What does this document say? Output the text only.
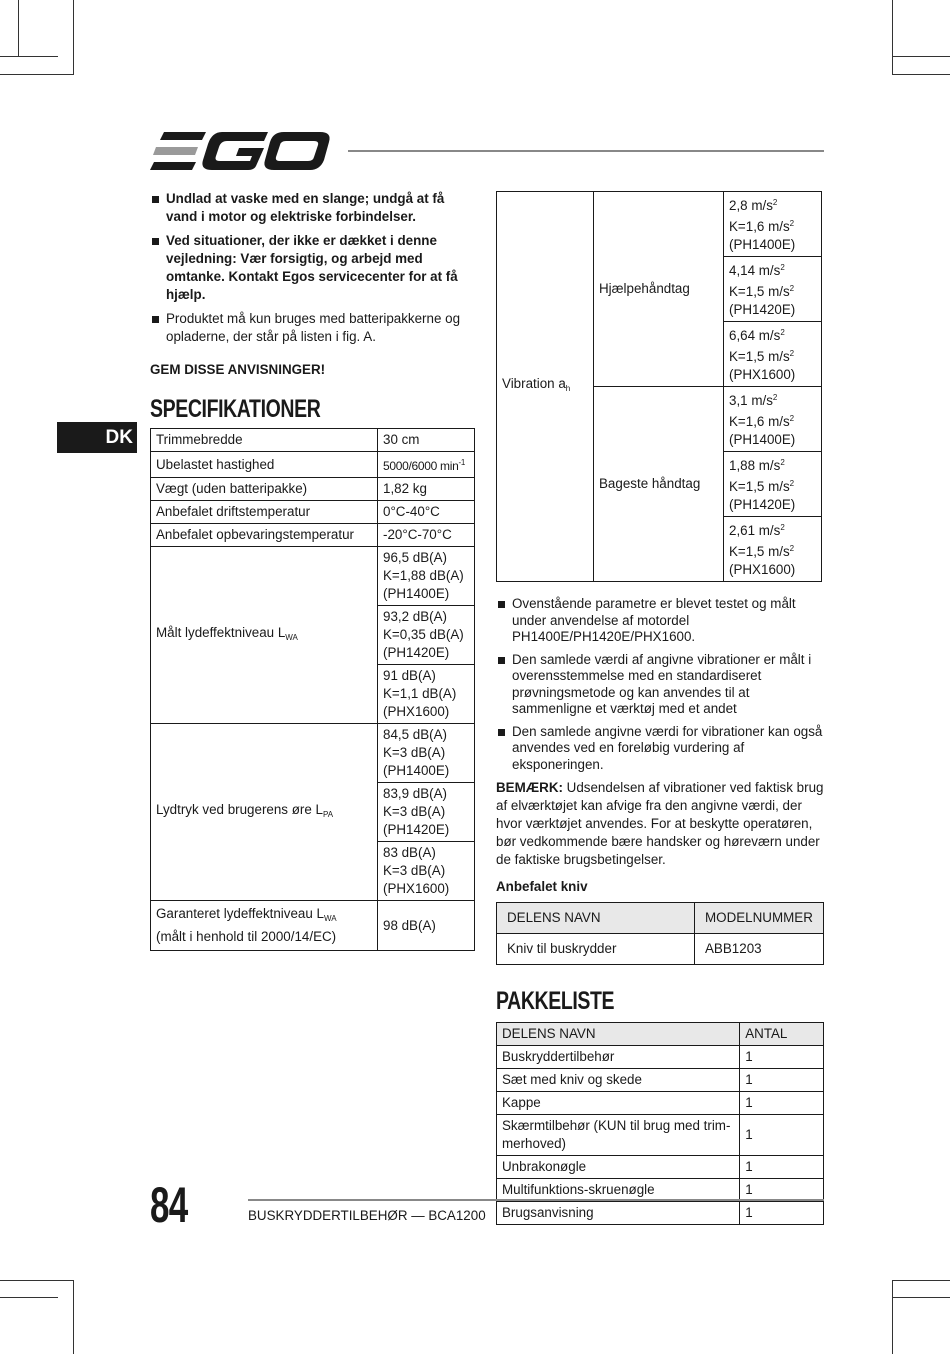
DK
Undlad at vaske med en slange; undgå at få vand i motor og elektriske forbindelser.
Ved situationer, der ikke er dækket i denne vejledning: Vær forsigtig, og arbejd med omtanke. Kontakt Egos servicecenter for at få hjælp.
Produktet må kun bruges med batteripakkerne og opladerne, der står på listen i fig. A.
GEM DISSE ANVISNINGER!
SPECIFIKATIONER
Trimmebredde	30 cm
Ubelastet hastighed	5000/6000 $\min^{-1}$
Vægt (uden batteripakke)	1,82 kg
Anbefalet driftstemperatur	0°C-40°C
Anbefalet opbevaringstemperatur	-20°C-70°C
Målt lydeffektniveau $L_{WA}$	96,5 dB(A)
K=1,88 dB(A)
(PH1400E)

	93,2 dB(A)
K=0,35 dB(A)
(PH1420E)

	91 dB(A)
K=1,1 dB(A)
(PHX1600)

Lydtryk ved brugerens øre $L_{PA}$	84,5 dB(A)
K=3 dB(A)
(PH1400E)

	83,9 dB(A)
K=3 dB(A)
(PH1420E)

	83 dB(A)
K=3 dB(A)
(PHX1600)

Garanteret lydeffektniveau $L_{WA}$
(målt i henhold til 2000/14/EC)	98 dB(A)
Vibration $a_h$	Hjælpehåndtag	2,8 $m/s^2$
K=1,6 $m/s^2$
(PH1400E)

		4,14 $m/s^2$
K=1,5 $m/s^2$
(PH1420E)

		6,64 $m/s^2$
K=1,5 $m/s^2$
(PHX1600)

	Bageste håndtag	3,1 $m/s^2$
K=1,6 $m/s^2$
(PH1400E)

		1,88 $m/s^2$
K=1,5 $m/s^2$
(PH1420E)

		2,61 $m/s^2$
K=1,5 $m/s^2$
(PHX1600)
Ovenstående parametre er blevet testet og målt under anvendelse af motordel PH1400E/PH1420E/PHX1600.
Den samlede værdi af angivne vibrationer er målt i overensstemmelse med en standardiseret prøvningsmetode og kan anvendes til at sammenligne et værktøj med et andet
Den samlede angivne værdi for vibrationer kan også anvendes ved en foreløbig vurdering af eksponeringen.
BEMÆRK: Udsendelsen af vibrationer ved faktisk brug af elværktøjet kan afvige fra den angivne værdi, der hvor værktøjet anvendes. For at beskytte operatøren, bør vedkommende bære handsker og høreværn under de faktiske brugsbetingelser.
Anbefalet kniv
DELENS NAVN	MODELNUMMER
Kniv til buskrydder	ABB1203
PAKKELISTE
DELENS NAVN	ANTAL
Buskryddertilbehør	1
Sæt med kniv og skede	1
Kappe	1
Skærmtilbehør (KUN til brug med trim-merhoved)	1
Unbrakonøgle	1
Multifunktions-skruenøgle	1
Brugsanvisning	1
84	BUSKRYDDERTILBEHØR — BCA1200
